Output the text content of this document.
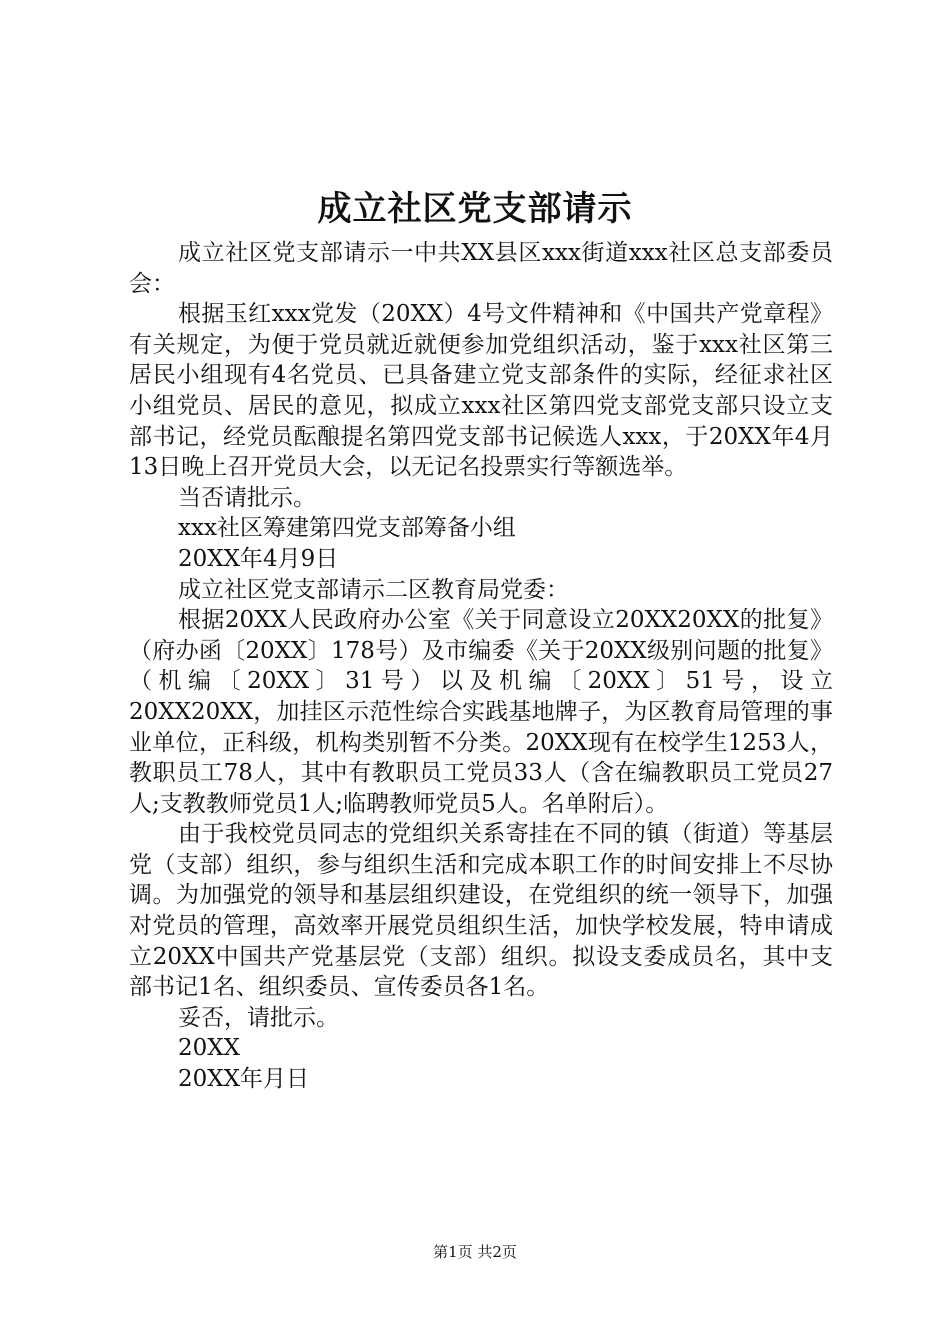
成立社区党支部请示

成立社区党支部请示一中共XX县区xxx街道xxx社区总支部委员会：

根据玉红xxx党发（20XX）4号文件精神和《中国共产党章程》有关规定，为便于党员就近就便参加党组织活动，鉴于xxx社区第三居民小组现有4名党员、已具备建立党支部条件的实际，经征求社区小组党员、居民的意见，拟成立xxx社区第四党支部党支部只设立支部书记，经党员酝酿提名第四党支部书记候选人xxx，于20XX年4月13日晚上召开党员大会，以无记名投票实行等额选举。

当否请批示。

xxx社区筹建第四党支部筹备小组

20XX年4月9日

成立社区党支部请示二区教育局党委：

根据20XX人民政府办公室《关于同意设立20XX20XX的批复》（府办函〔20XX〕178号）及市编委《关于20XX级别问题的批复》（机编〔20XX〕31号）以及机编〔20XX〕51号，设立20XX20XX，加挂区示范性综合实践基地牌子，为区教育局管理的事业单位，正科级，机构类别暂不分类。20XX现有在校学生1253人，教职员工78人，其中有教职员工党员33人（含在编教职员工党员27人;支教教师党员1人;临聘教师党员5人。名单附后）。

由于我校党员同志的党组织关系寄挂在不同的镇（街道）等基层党（支部）组织，参与组织生活和完成本职工作的时间安排上不尽协调。为加强党的领导和基层组织建设，在党组织的统一领导下，加强对党员的管理，高效率开展党员组织生活，加快学校发展，特申请成立20XX中国共产党基层党（支部）组织。拟设支委成员名，其中支部书记1名、组织委员、宣传委员各1名。

妥否，请批示。

20XX

20XX年月日

第1页 共2页
